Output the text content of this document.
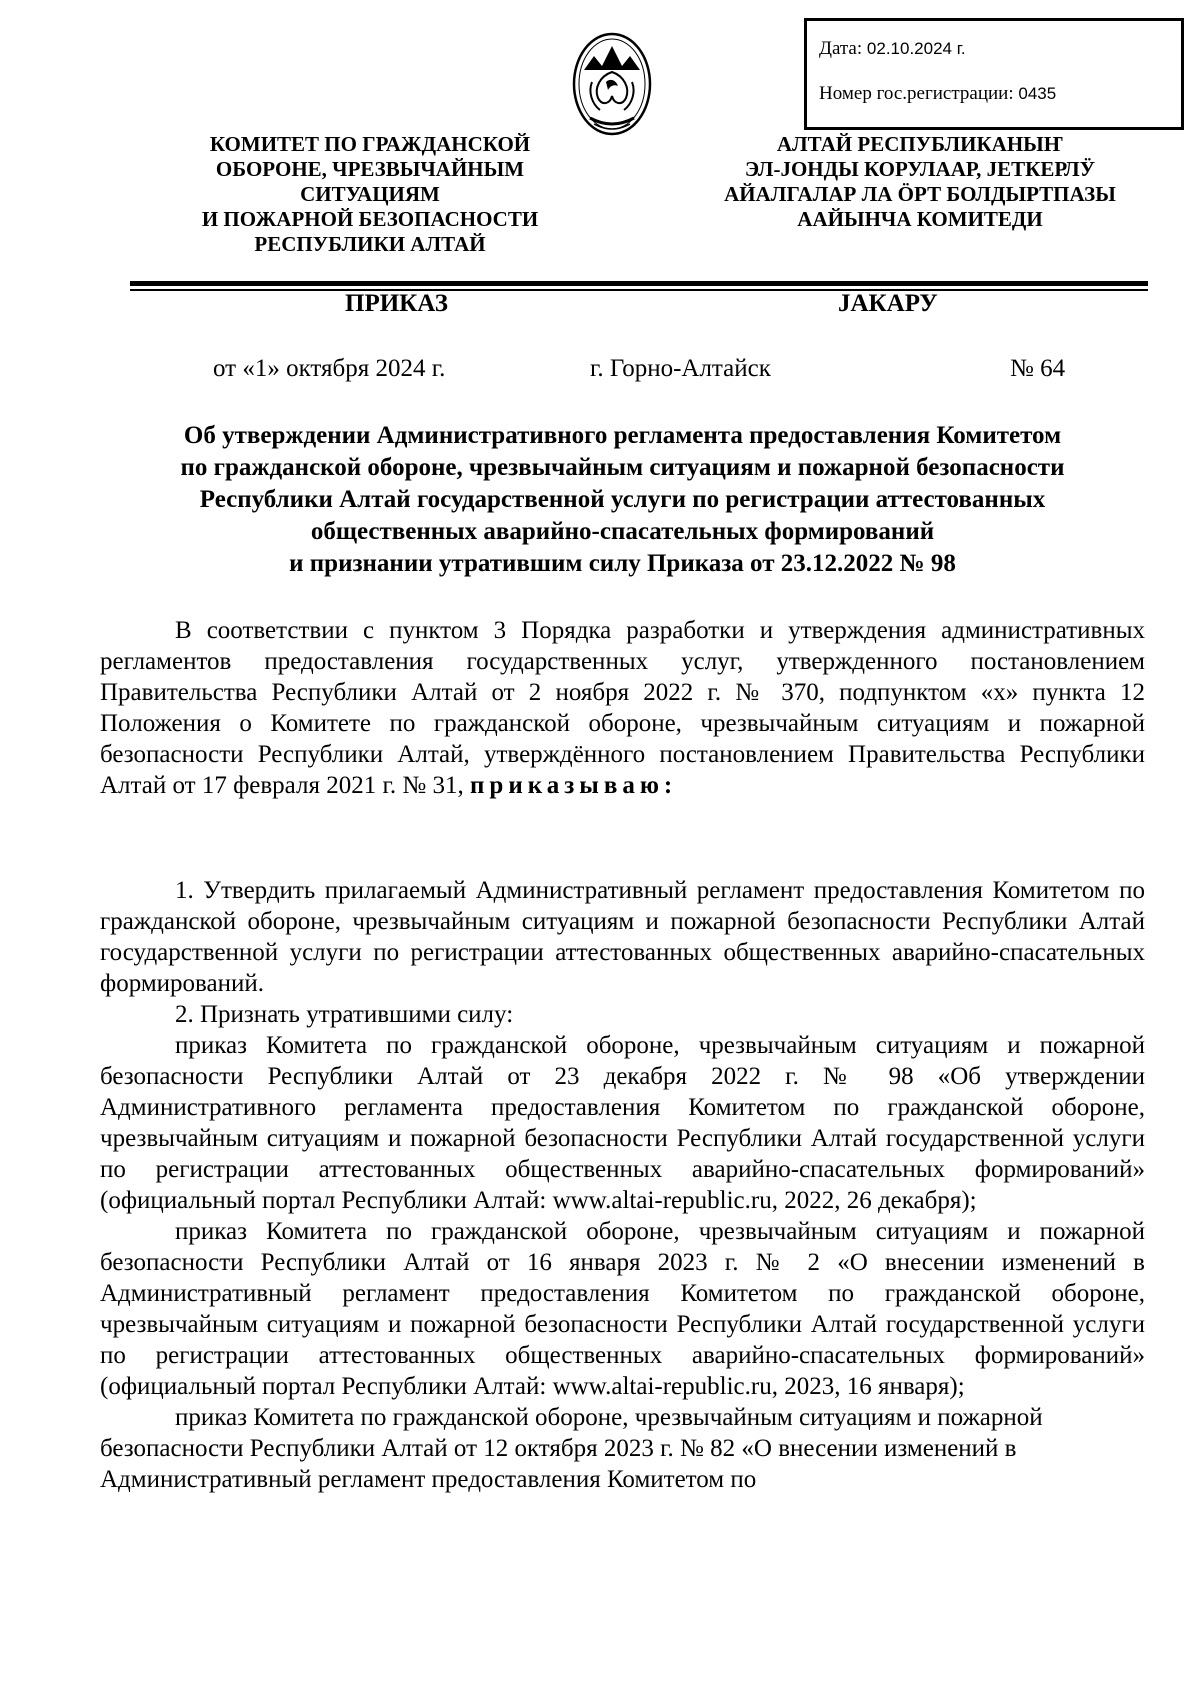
Дата: 02.10.2024 г.
Номер гос.регистрации: 0435
КОМИТЕТ ПО ГРАЖДАНСКОЙ
ОБОРОНЕ, ЧРЕЗВЫЧАЙНЫМ
СИТУАЦИЯМ
И ПОЖАРНОЙ БЕЗОПАСНОСТИ
РЕСПУБЛИКИ АЛТАЙ
АЛТАЙ РЕСПУБЛИКАНЫҤ
ЭЛ-ЈОНДЫ КОРУЛААР, ЈЕТКЕРЛӰ
АЙАЛГАЛАР ЛА ӦРТ БОЛДЫРТПАЗЫ
ААЙЫНЧА КОМИТЕДИ
ПРИКАЗ	ЈАКАРУ
от «1» октября 2024 г.	г. Горно-Алтайск	№ 64
Об утверждении Административного регламента предоставления Комитетом
по гражданской обороне, чрезвычайным ситуациям и пожарной безопасности
Республики Алтай государственной услуги по регистрации аттестованных
общественных аварийно-спасательных формирований
и признании утратившим силу Приказа от 23.12.2022 № 98

В соответствии с пунктом 3 Порядка разработки и утверждения административных регламентов предоставления государственных услуг, утвержденного постановлением Правительства Республики Алтай от 2 ноября 2022 г. № 370, подпунктом «х» пункта 12 Положения о Комитете по гражданской обороне, чрезвычайным ситуациям и пожарной безопасности Республики Алтай, утверждённого постановлением Правительства Республики Алтай от 17 февраля 2021 г. № 31, приказываю:

1. Утвердить прилагаемый Административный регламент предоставления Комитетом по гражданской обороне, чрезвычайным ситуациям и пожарной безопасности Республики Алтай государственной услуги по регистрации аттестованных общественных аварийно-спасательных формирований.

2. Признать утратившими силу:

приказ Комитета по гражданской обороне, чрезвычайным ситуациям и пожарной безопасности Республики Алтай от 23 декабря 2022 г. № 98 «Об утверждении Административного регламента предоставления Комитетом по гражданской обороне, чрезвычайным ситуациям и пожарной безопасности Республики Алтай государственной услуги по регистрации аттестованных общественных аварийно-спасательных формирований» (официальный портал Республики Алтай: www.altai-republic.ru, 2022, 26 декабря);

приказ Комитета по гражданской обороне, чрезвычайным ситуациям и пожарной безопасности Республики Алтай от 16 января 2023 г. № 2 «О внесении изменений в Административный регламент предоставления Комитетом по гражданской обороне, чрезвычайным ситуациям и пожарной безопасности Республики Алтай государственной услуги по регистрации аттестованных общественных аварийно-спасательных формирований» (официальный портал Республики Алтай: www.altai-republic.ru, 2023, 16 января);

приказ Комитета по гражданской обороне, чрезвычайным ситуациям и пожарной безопасности Республики Алтай от 12 октября 2023 г. № 82 «О внесении изменений в Административный регламент предоставления Комитетом по
